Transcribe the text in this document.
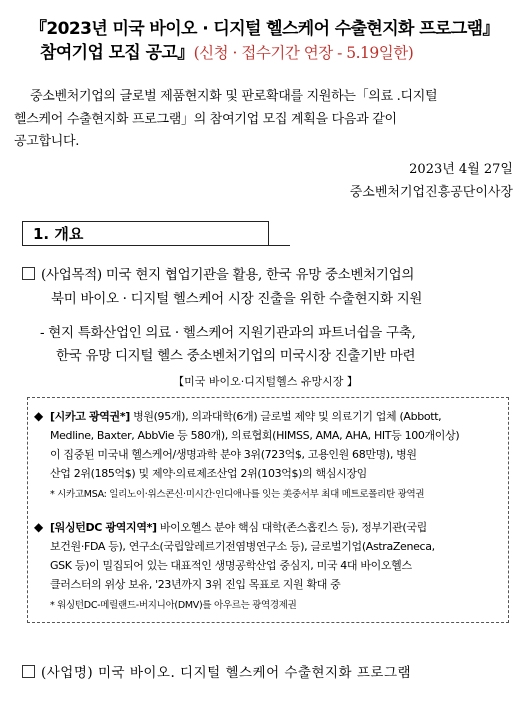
『2023년 미국 바이오 · 디지털 헬스케어 수출현지화 프로그램』
참여기업 모집 공고』(신청 · 접수기간 연장 - 5.19일한)
중소벤처기업의 글로벌 제품현지화 및 판로확대를 지원하는「의료 .디지털
헬스케어 수출현지화 프로그램」의 참여기업 모집 계획을 다음과 같이
공고합니다.
2023년 4월 27일
중소벤처기업진흥공단이사장
1. 개요
(사업목적) 미국 현지 협업기관을 활용, 한국 유망 중소벤처기업의
북미 바이오 · 디지털 헬스케어 시장 진출을 위한 수출현지화 지원
- 현지 특화산업인 의료 · 헬스케어 지원기관과의 파트너쉽을 구축,
한국 유망 디지털 헬스 중소벤처기업의 미국시장 진출기반 마련
【미국 바이오·디지털헬스 유망시장 】
◆ [시카고 광역권*] 병원(95개), 의과대학(6개) 글로벌 제약 및 의료기기 업체 (Abbott,
Medline, Baxter, AbbVie 등 580개), 의료협회(HIMSS, AMA, AHA, HIT등 100개이상)
이 집중된 미국내 헬스케어/생명과학 분야 3위(723억$, 고용인원 68만명), 병원
산업 2위(185억$) 및 제약·의료제조산업 2위(103억$)의 핵심시장임
* 시카고MSA: 일리노이·위스콘신·미시간·인디애나를 잇는 美중서부 최대 메트로폴리탄 광역권
◆ [워싱턴DC 광역지역*] 바이오헬스 분야 핵심 대학(존스홉킨스 등), 정부기관(국립
보건원·FDA 등), 연구소(국립알레르기전염병연구소 등), 글로벌기업(AstraZeneca,
GSK 등)이 밀집되어 있는 대표적인 생명공학산업 중심지, 미국 4대 바이오헬스
클러스터의 위상 보유, '23년까지 3위 진입 목표로 지원 확대 중
* 워싱턴DC-메릴랜드-버지니아(DMV)를 아우르는 광역경제권
(사업명) 미국 바이오. 디지털 헬스케어 수출현지화 프로그램
